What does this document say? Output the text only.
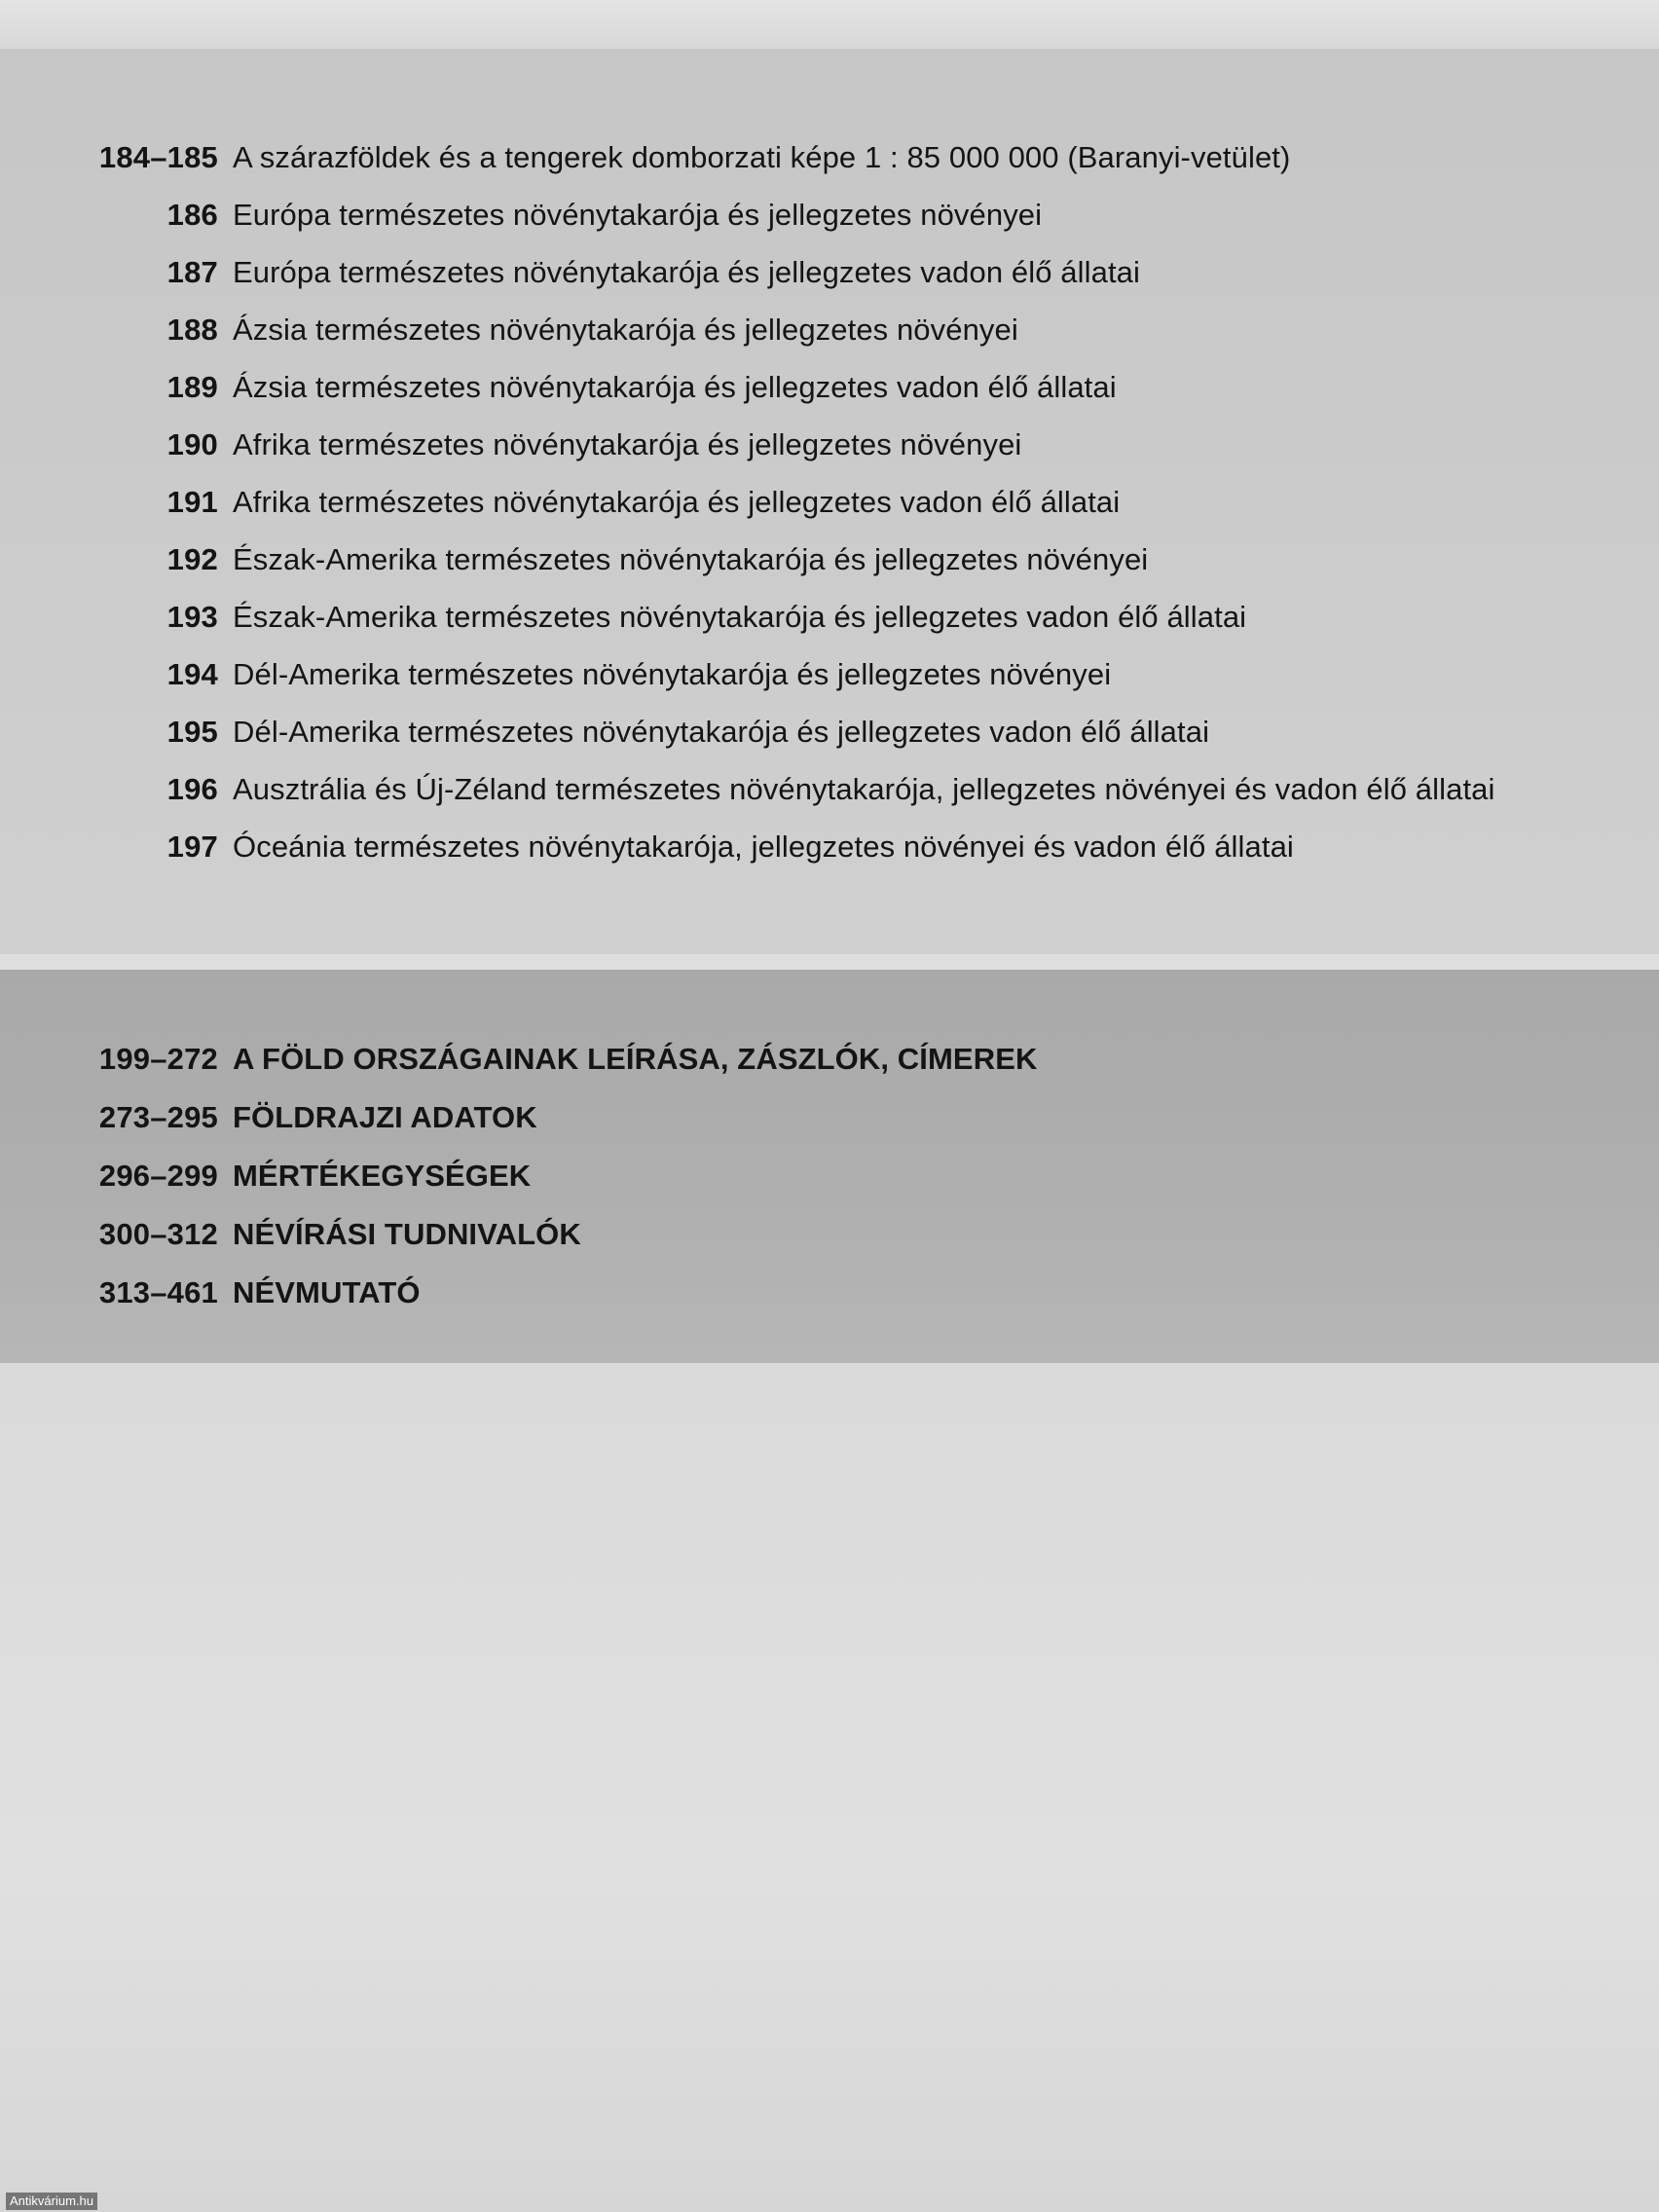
184–185 A szárazföldek és a tengerek domborzati képe 1 : 85 000 000 (Baranyi-vetület)
186 Európa természetes növénytakarója és jellegzetes növényei
187 Európa természetes növénytakarója és jellegzetes vadon élő állatai
188 Ázsia természetes növénytakarója és jellegzetes növényei
189 Ázsia természetes növénytakarója és jellegzetes vadon élő állatai
190 Afrika természetes növénytakarója és jellegzetes növényei
191 Afrika természetes növénytakarója és jellegzetes vadon élő állatai
192 Észak-Amerika természetes növénytakarója és jellegzetes növényei
193 Észak-Amerika természetes növénytakarója és jellegzetes vadon élő állatai
194 Dél-Amerika természetes növénytakarója és jellegzetes növényei
195 Dél-Amerika természetes növénytakarója és jellegzetes vadon élő állatai
196 Ausztrália és Új-Zéland természetes növénytakarója, jellegzetes növényei és vadon élő állatai
197 Óceánia természetes növénytakarója, jellegzetes növényei és vadon élő állatai
199–272 A FÖLD ORSZÁGAINAK LEÍRÁSA, ZÁSZLÓK, CÍMEREK
273–295 FÖLDRAJZI ADATOK
296–299 MÉRTÉKEGYSÉGEK
300–312 NÉVÍRÁSI TUDNIVALÓK
313–461 NÉVMUTATÓ
Antikvárium.hu
